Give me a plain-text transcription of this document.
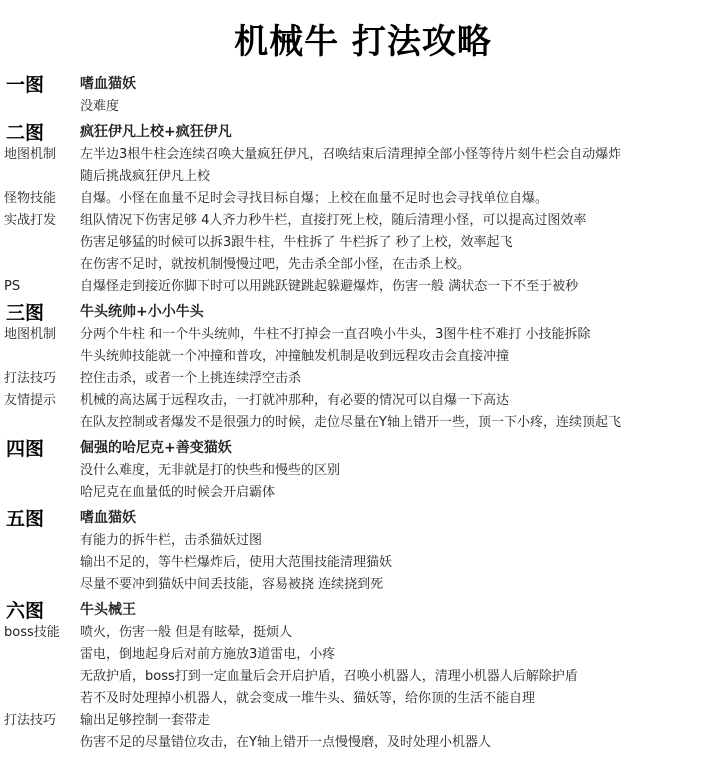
机械牛 打法攻略
一图	嗜血猫妖
没难度
二图	疯狂伊凡上校+疯狂伊凡
地图机制	左半边3根牛柱会连续召唤大量疯狂伊凡，召唤结束后清理掉全部小怪等待片刻牛栏会自动爆炸
随后挑战疯狂伊凡上校
怪物技能	自爆。小怪在血量不足时会寻找目标自爆；上校在血量不足时也会寻找单位自爆。
实战打发	组队情况下伤害足够 4人齐力秒牛栏，直接打死上校，随后清理小怪，可以提高过图效率
伤害足够猛的时候可以拆3跟牛柱，牛柱拆了 牛栏拆了 秒了上校，效率起飞
在伤害不足时，就按机制慢慢过吧，先击杀全部小怪，在击杀上校。
PS	自爆怪走到接近你脚下时可以用跳跃键跳起躲避爆炸，伤害一般 满状态一下不至于被秒
三图	牛头统帅+小小牛头
地图机制	分两个牛柱 和一个牛头统帅，牛柱不打掉会一直召唤小牛头，3图牛柱不难打 小技能拆除
牛头统帅技能就一个冲撞和普攻，冲撞触发机制是收到远程攻击会直接冲撞
打法技巧	控住击杀，或者一个上挑连续浮空击杀
友情提示	机械的高达属于远程攻击，一打就冲那种，有必要的情况可以自爆一下高达
在队友控制或者爆发不是很强力的时候，走位尽量在Y轴上错开一些，顶一下小疼，连续顶起飞
四图	倔强的哈尼克+善变猫妖
没什么难度，无非就是打的快些和慢些的区别
哈尼克在血量低的时候会开启霸体
五图	嗜血猫妖
有能力的拆牛栏，击杀猫妖过图
输出不足的，等牛栏爆炸后，使用大范围技能清理猫妖
尽量不要冲到猫妖中间丢技能，容易被挠 连续挠到死
六图	牛头械王
boss技能	喷火，伤害一般 但是有眩晕，挺烦人
雷电，倒地起身后对前方施放3道雷电，小疼
无敌护盾，boss打到一定血量后会开启护盾，召唤小机器人，清理小机器人后解除护盾
若不及时处理掉小机器人，就会变成一堆牛头、猫妖等，给你顶的生活不能自理
打法技巧	输出足够控制一套带走
伤害不足的尽量错位攻击，在Y轴上错开一点慢慢磨，及时处理小机器人
